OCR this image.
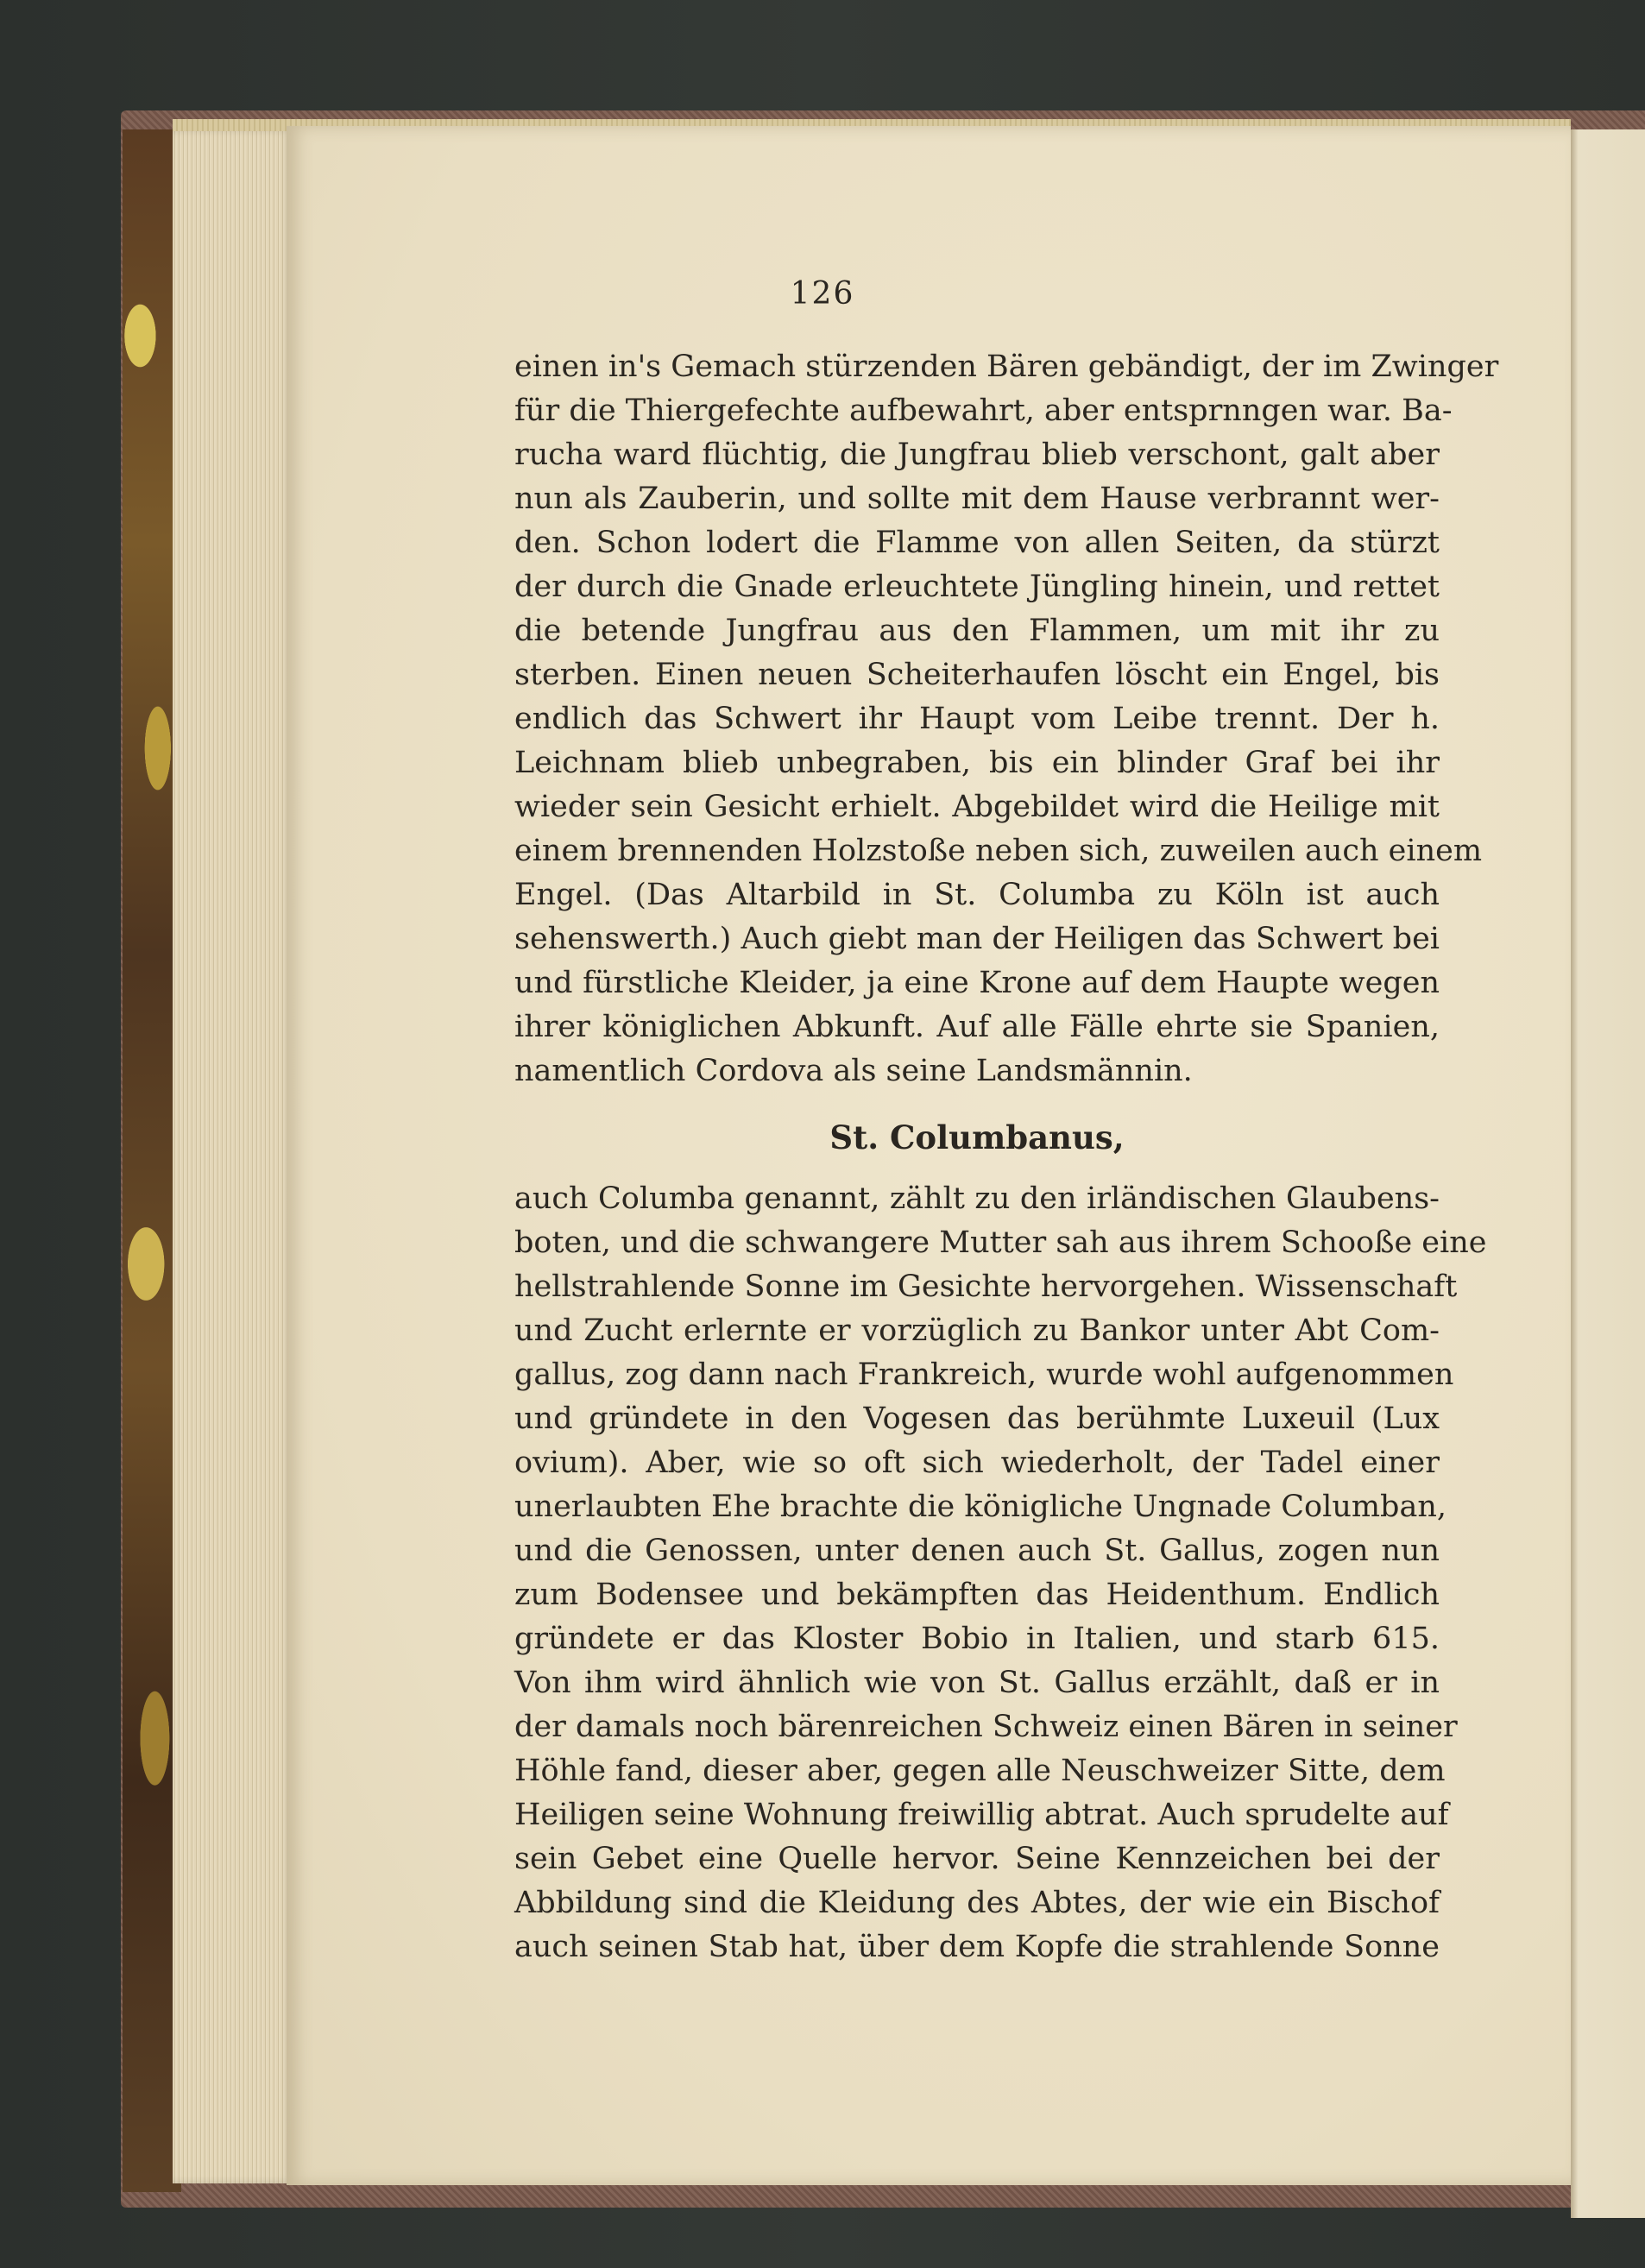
126
einen in's Gemach stürzenden Bären gebändigt, der im Zwinger
für die Thiergefechte aufbewahrt, aber entsprnngen war. Ba-
rucha ward flüchtig, die Jungfrau blieb verschont, galt aber
nun als Zauberin, und sollte mit dem Hause verbrannt wer-
den. Schon lodert die Flamme von allen Seiten, da stürzt
der durch die Gnade erleuchtete Jüngling hinein, und rettet
die betende Jungfrau aus den Flammen, um mit ihr zu
sterben. Einen neuen Scheiterhaufen löscht ein Engel, bis
endlich das Schwert ihr Haupt vom Leibe trennt. Der h.
Leichnam blieb unbegraben, bis ein blinder Graf bei ihr
wieder sein Gesicht erhielt. Abgebildet wird die Heilige mit
einem brennenden Holzstoße neben sich, zuweilen auch einem
Engel. (Das Altarbild in St. Columba zu Köln ist auch
sehenswerth.) Auch giebt man der Heiligen das Schwert bei
und fürstliche Kleider, ja eine Krone auf dem Haupte wegen
ihrer königlichen Abkunft. Auf alle Fälle ehrte sie Spanien,
namentlich Cordova als seine Landsmännin.
St. Columbanus,
auch Columba genannt, zählt zu den irländischen Glaubens-
boten, und die schwangere Mutter sah aus ihrem Schooße eine
hellstrahlende Sonne im Gesichte hervorgehen. Wissenschaft
und Zucht erlernte er vorzüglich zu Bankor unter Abt Com-
gallus, zog dann nach Frankreich, wurde wohl aufgenommen
und gründete in den Vogesen das berühmte Luxeuil (Lux
ovium). Aber, wie so oft sich wiederholt, der Tadel einer
unerlaubten Ehe brachte die königliche Ungnade Columban,
und die Genossen, unter denen auch St. Gallus, zogen nun
zum Bodensee und bekämpften das Heidenthum. Endlich
gründete er das Kloster Bobio in Italien, und starb 615.
Von ihm wird ähnlich wie von St. Gallus erzählt, daß er in
der damals noch bärenreichen Schweiz einen Bären in seiner
Höhle fand, dieser aber, gegen alle Neuschweizer Sitte, dem
Heiligen seine Wohnung freiwillig abtrat. Auch sprudelte auf
sein Gebet eine Quelle hervor. Seine Kennzeichen bei der
Abbildung sind die Kleidung des Abtes, der wie ein Bischof
auch seinen Stab hat, über dem Kopfe die strahlende Sonne
